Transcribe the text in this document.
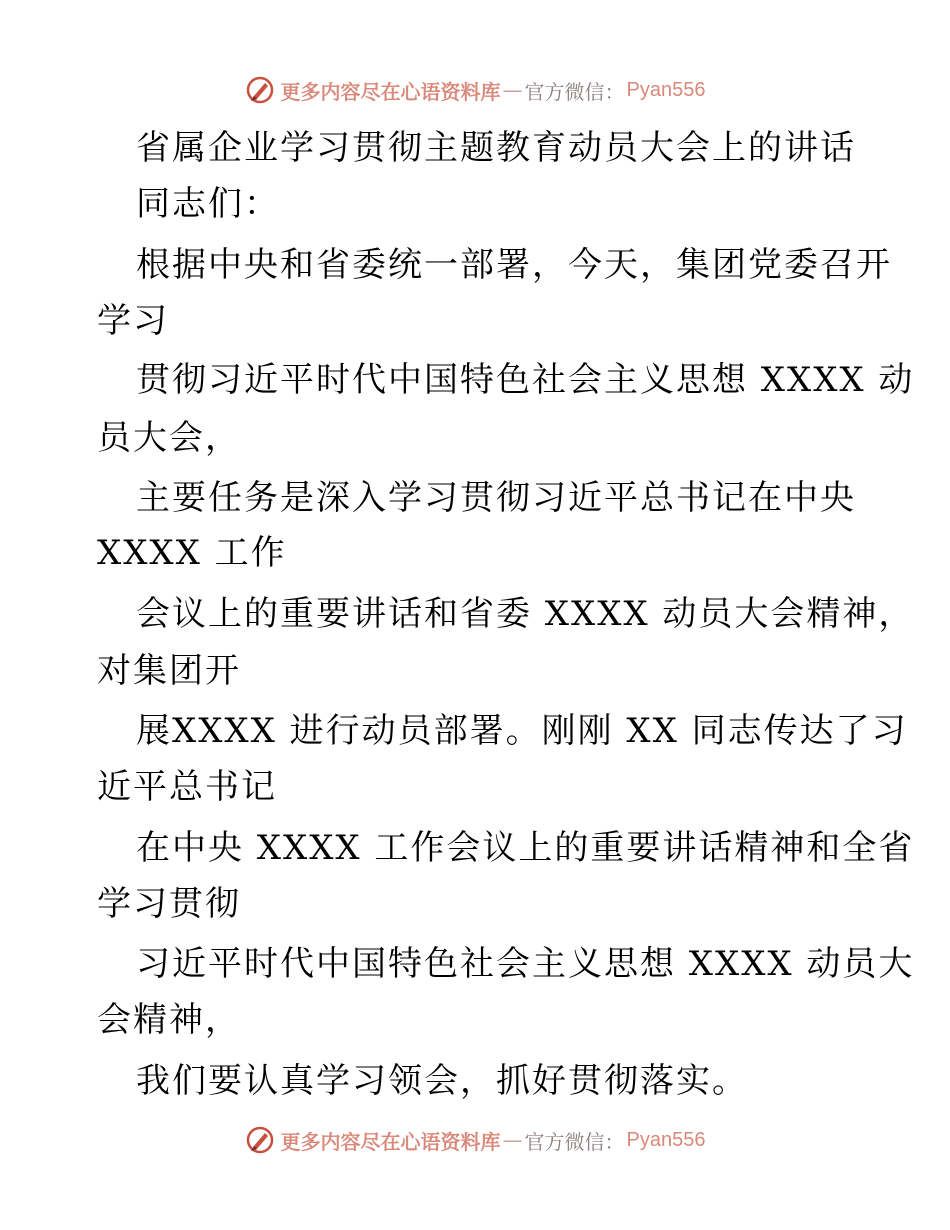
更多内容尽在心语资料库 — 官方微信： Pyan556
省属企业学习贯彻主题教育动员大会上的讲话
同志们：
根据中央和省委统一部署，今天，集团党委召开
学习
贯彻习近平时代中国特色社会主义思想 XXXX 动
员大会，
主要任务是深入学习贯彻习近平总书记在中央
XXXX 工作
会议上的重要讲话和省委 XXXX 动员大会精神，
对集团开
展XXXX 进行动员部署。刚刚 XX 同志传达了习
近平总书记
在中央 XXXX 工作会议上的重要讲话精神和全省
学习贯彻
习近平时代中国特色社会主义思想 XXXX 动员大
会精神，
我们要认真学习领会，抓好贯彻落实。
更多内容尽在心语资料库 — 官方微信： Pyan556
